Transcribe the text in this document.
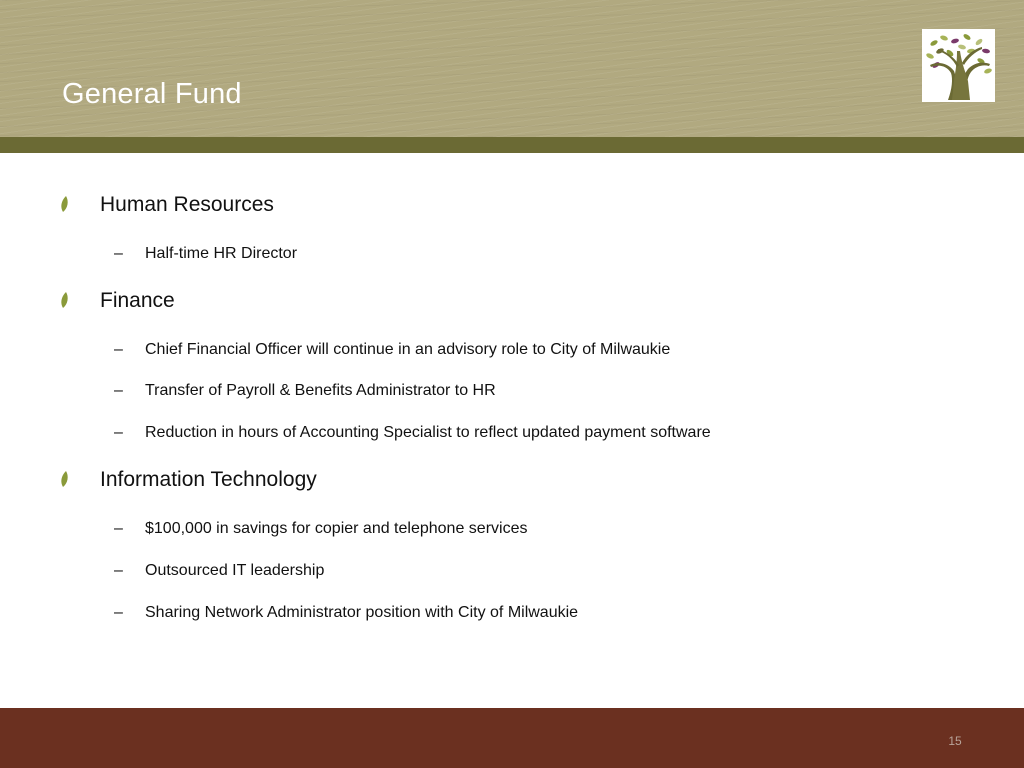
General Fund
Human Resources
– Half-time HR Director
Finance
– Chief Financial Officer will continue in an advisory role to City of Milwaukie
– Transfer of Payroll & Benefits Administrator to HR
– Reduction in hours of Accounting Specialist to reflect updated payment software
Information Technology
– $100,000 in savings for copier and telephone services
– Outsourced IT leadership
– Sharing Network Administrator position with City of Milwaukie
15
